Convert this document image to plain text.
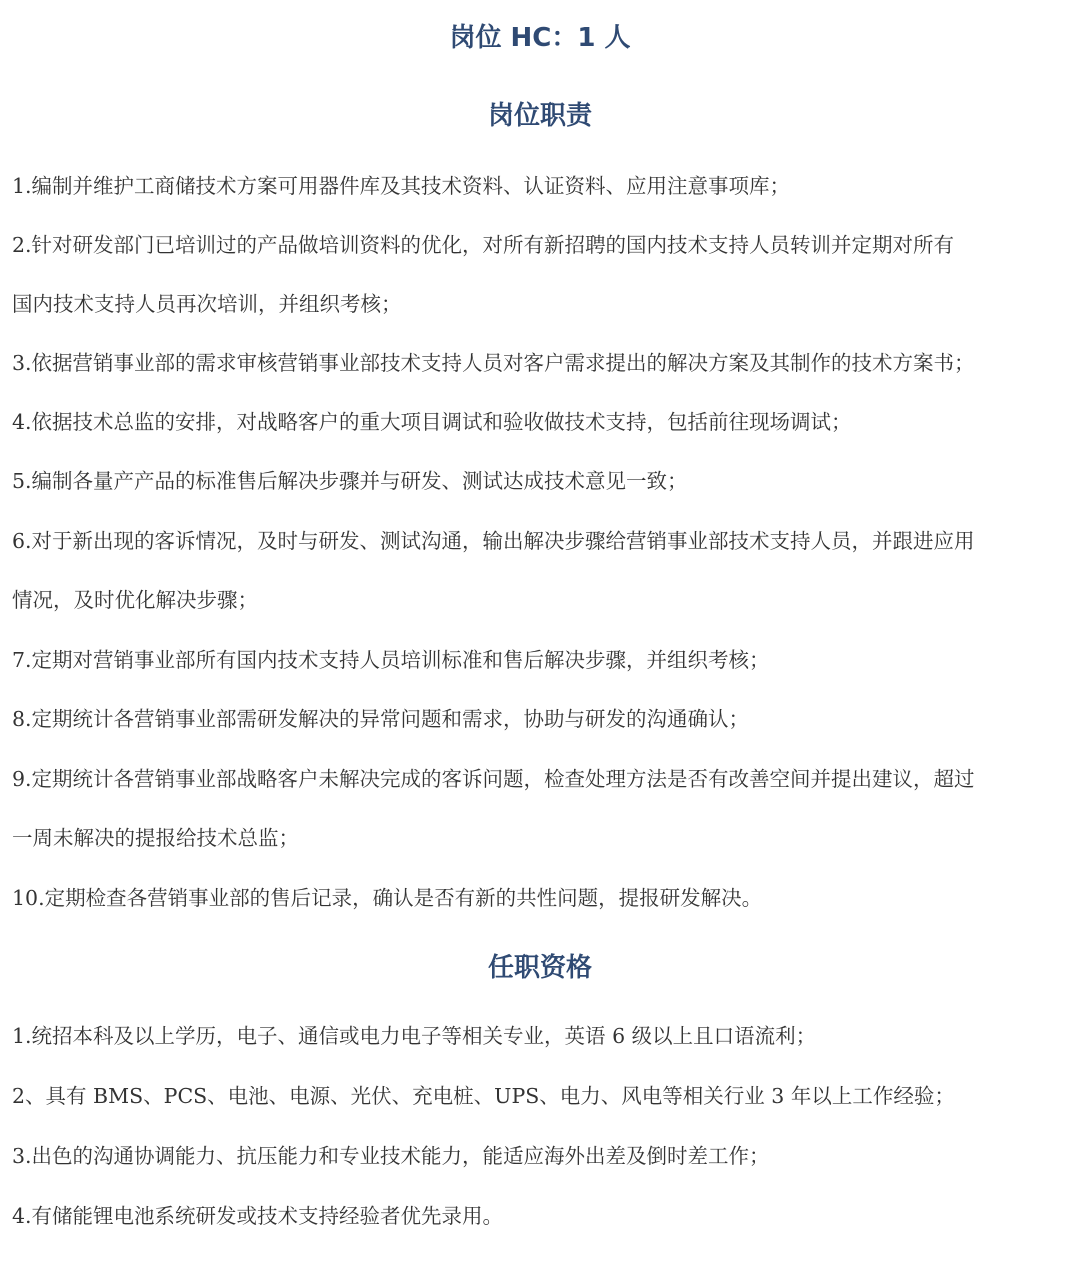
岗位 HC：1 人
岗位职责

1.编制并维护工商储技术方案可用器件库及其技术资料、认证资料、应用注意事项库；

2.针对研发部门已培训过的产品做培训资料的优化，对所有新招聘的国内技术支持人员转训并定期对所有

国内技术支持人员再次培训，并组织考核；

3.依据营销事业部的需求审核营销事业部技术支持人员对客户需求提出的解决方案及其制作的技术方案书；

4.依据技术总监的安排，对战略客户的重大项目调试和验收做技术支持，包括前往现场调试；

5.编制各量产产品的标准售后解决步骤并与研发、测试达成技术意见一致；

6.对于新出现的客诉情况，及时与研发、测试沟通，输出解决步骤给营销事业部技术支持人员，并跟进应用

情况，及时优化解决步骤；

7.定期对营销事业部所有国内技术支持人员培训标准和售后解决步骤，并组织考核；

8.定期统计各营销事业部需研发解决的异常问题和需求，协助与研发的沟通确认；

9.定期统计各营销事业部战略客户未解决完成的客诉问题，检查处理方法是否有改善空间并提出建议，超过

一周未解决的提报给技术总监；

10.定期检查各营销事业部的售后记录，确认是否有新的共性问题，提报研发解决。

任职资格

1.统招本科及以上学历，电子、通信或电力电子等相关专业，英语 6 级以上且口语流利；

2、具有 BMS、PCS、电池、电源、光伏、充电桩、UPS、电力、风电等相关行业 3 年以上工作经验；

3.出色的沟通协调能力、抗压能力和专业技术能力，能适应海外出差及倒时差工作；

4.有储能锂电池系统研发或技术支持经验者优先录用。
